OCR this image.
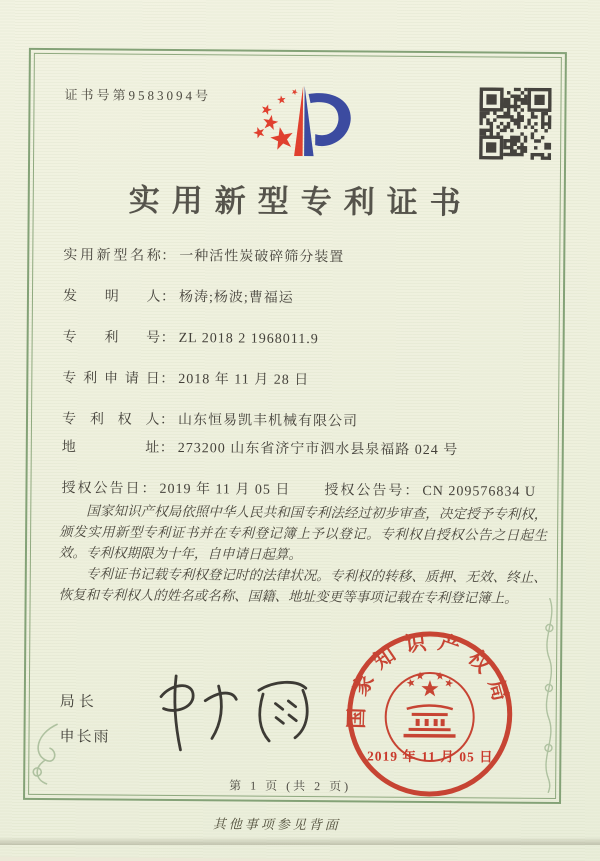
证书号第9583094号
实用新型专利证书
实用新型名称 ： 一种活性炭破碎筛分装置
发明人 ： 杨涛;杨波;曹福运
专利号 ： ZL 2018 2 1968011.9
专利申请日 ： 2018 年 11 月 28 日
专利权人 ： 山东恒易凯丰机械有限公司
地址 ： 273200 山东省济宁市泗水县泉福路 024 号
授权公告日 ： 2019 年 11 月 05 日 授权公告号 ： CN 209576834 U

国家知识产权局依照中华人民共和国专利法经过初步审查，决定授予专利权，颁发实用新型专利证书并在专利登记簿上予以登记。专利权自授权公告之日起生效。专利权期限为十年，自申请日起算。

专利证书记载专利权登记时的法律状况。专利权的转移、质押、无效、终止、恢复和专利权人的姓名或名称、国籍、地址变更等事项记载在专利登记簿上。

局长
申长雨
国家知识产权局
2019 年 11 月 05 日
第 1 页 (共 2 页)
其他事项参见背面
